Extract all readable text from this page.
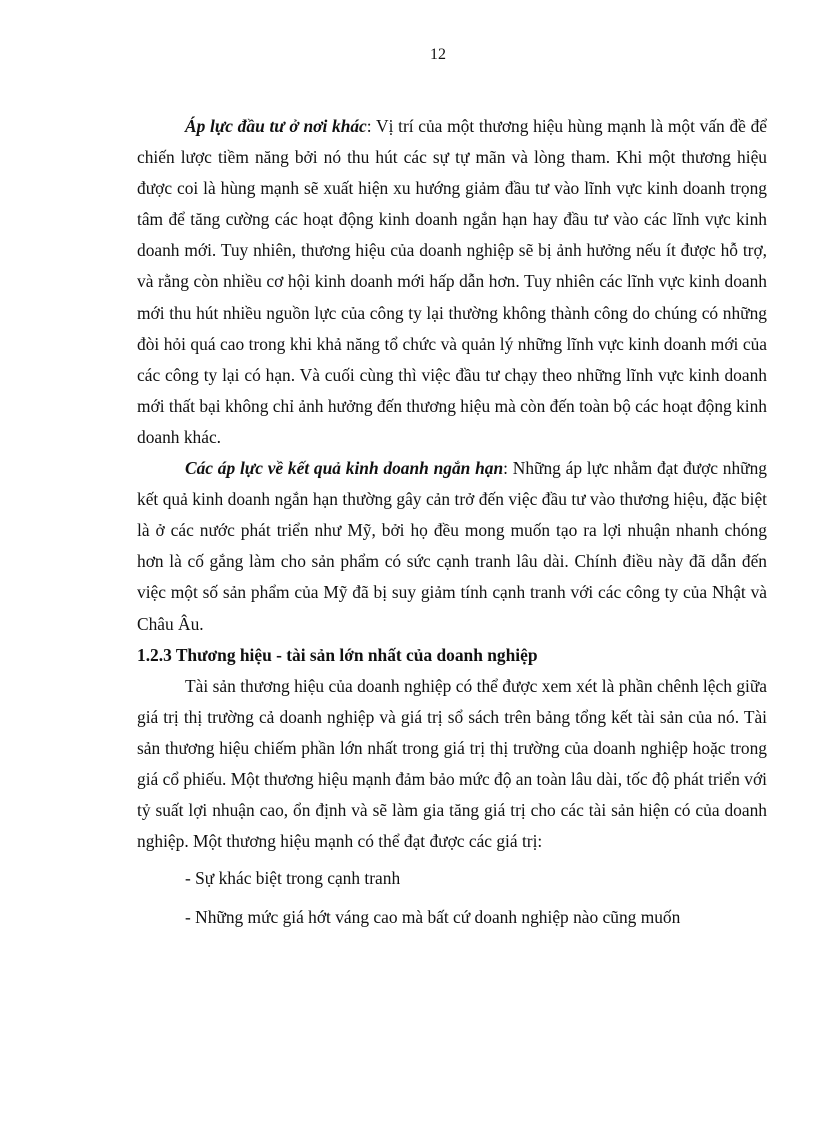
12

Áp lực đầu tư ở nơi khác: Vị trí của một thương hiệu hùng mạnh là một vấn đề để chiến lược tiềm năng bởi nó thu hút các sự tự mãn và lòng tham. Khi một thương hiệu được coi là hùng mạnh sẽ xuất hiện xu hướng giảm đầu tư vào lĩnh vực kinh doanh trọng tâm để tăng cường các hoạt động kinh doanh ngắn hạn hay đầu tư vào các lĩnh vực kinh doanh mới. Tuy nhiên, thương hiệu của doanh nghiệp sẽ bị ảnh hưởng nếu ít được hỗ trợ, và rằng còn nhiều cơ hội kinh doanh mới hấp dẫn hơn. Tuy nhiên các lĩnh vực kinh doanh mới thu hút nhiều nguồn lực của công ty lại thường không thành công do chúng có những đòi hỏi quá cao trong khi khả năng tổ chức và quản lý những lĩnh vực kinh doanh mới của các công ty lại có hạn. Và cuối cùng thì việc đầu tư chạy theo những lĩnh vực kinh doanh mới thất bại không chỉ ảnh hưởng đến thương hiệu mà còn đến toàn bộ các hoạt động kinh doanh khác.

Các áp lực về kết quả kinh doanh ngắn hạn: Những áp lực nhằm đạt được những kết quả kinh doanh ngắn hạn thường gây cản trở đến việc đầu tư vào thương hiệu, đặc biệt là ở các nước phát triển như Mỹ, bởi họ đều mong muốn tạo ra lợi nhuận nhanh chóng hơn là cố gắng làm cho sản phẩm có sức cạnh tranh lâu dài. Chính điều này đã dẫn đến việc một số sản phẩm của Mỹ đã bị suy giảm tính cạnh tranh với các công ty của Nhật và Châu Âu.

1.2.3 Thương hiệu - tài sản lớn nhất của doanh nghiệp

Tài sản thương hiệu của doanh nghiệp có thể được xem xét là phần chênh lệch giữa giá trị thị trường cả doanh nghiệp và giá trị sổ sách trên bảng tổng kết tài sản của nó. Tài sản thương hiệu chiếm phần lớn nhất trong giá trị thị trường của doanh nghiệp hoặc trong giá cổ phiếu. Một thương hiệu mạnh đảm bảo mức độ an toàn lâu dài, tốc độ phát triển với tỷ suất lợi nhuận cao, ổn định và sẽ làm gia tăng giá trị cho các tài sản hiện có của doanh nghiệp. Một thương hiệu mạnh có thể đạt được các giá trị:

- Sự khác biệt trong cạnh tranh

- Những mức giá hớt váng cao mà bất cứ doanh nghiệp nào cũng muốn
